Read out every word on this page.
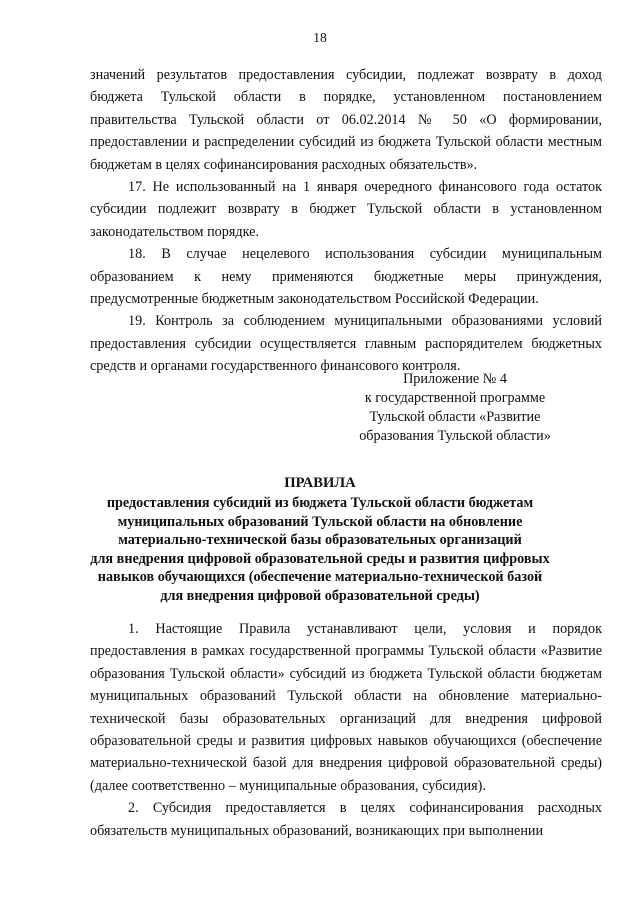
18

значений результатов предоставления субсидии, подлежат возврату в доход бюджета Тульской области в порядке, установленном постановлением правительства Тульской области от 06.02.2014 № 50 «О формировании, предоставлении и распределении субсидий из бюджета Тульской области местным бюджетам в целях софинансирования расходных обязательств».

17. Не использованный на 1 января очередного финансового года остаток субсидии подлежит возврату в бюджет Тульской области в установленном законодательством порядке.

18. В случае нецелевого использования субсидии муниципальным образованием к нему применяются бюджетные меры принуждения, предусмотренные бюджетным законодательством Российской Федерации.

19. Контроль за соблюдением муниципальными образованиями условий предоставления субсидии осуществляется главным распорядителем бюджетных средств и органами государственного финансового контроля.

Приложение № 4
к государственной программе
Тульской области «Развитие
образования Тульской области»
ПРАВИЛА
предоставления субсидий из бюджета Тульской области бюджетам
муниципальных образований Тульской области на обновление
материально-технической базы образовательных организаций
для внедрения цифровой образовательной среды и развития цифровых
навыков обучающихся (обеспечение материально-технической базой
для внедрения цифровой образовательной среды)

1. Настоящие Правила устанавливают цели, условия и порядок предоставления в рамках государственной программы Тульской области «Развитие образования Тульской области» субсидий из бюджета Тульской области бюджетам муниципальных образований Тульской области на обновление материально-технической базы образовательных организаций для внедрения цифровой образовательной среды и развития цифровых навыков обучающихся (обеспечение материально-технической базой для внедрения цифровой образовательной среды) (далее соответственно – муниципальные образования, субсидия).

2. Субсидия предоставляется в целях софинансирования расходных обязательств муниципальных образований, возникающих при выполнении
